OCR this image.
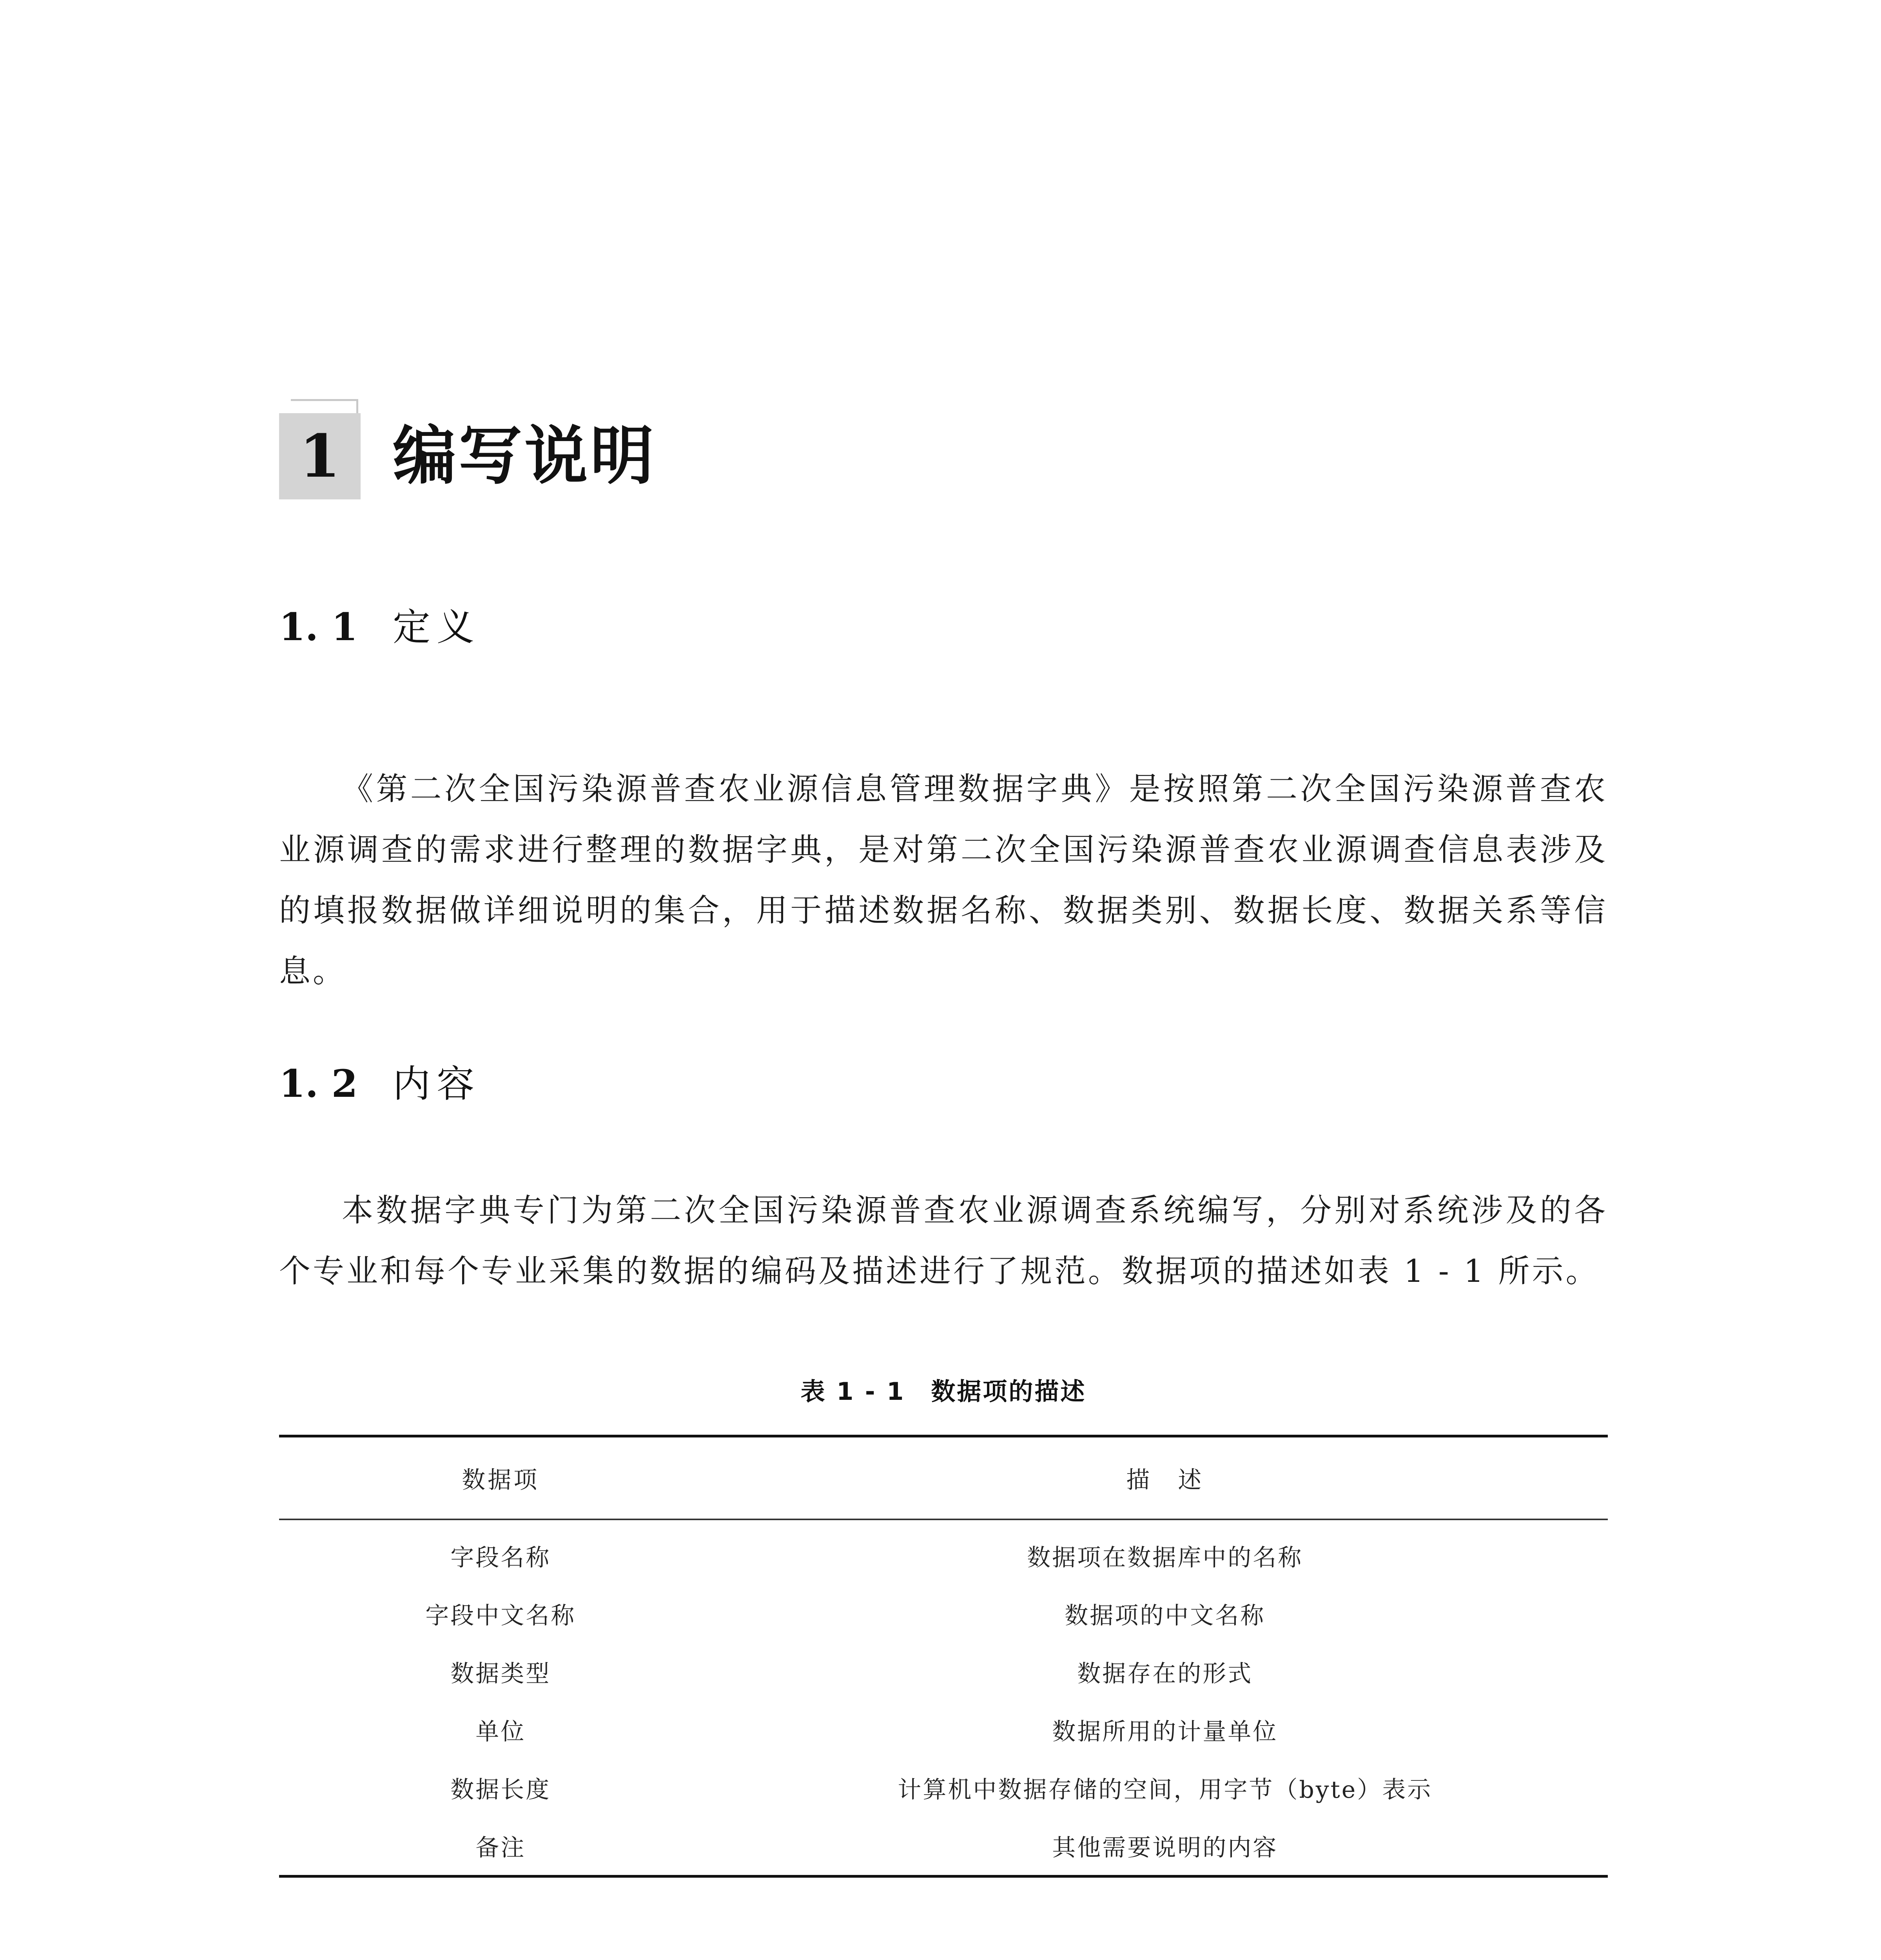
1 编写说明
1. 1 定义

《第二次全国污染源普查农业源信息管理数据字典》是按照第二次全国污染源普查农业源调查的需求进行整理的数据字典，是对第二次全国污染源普查农业源调查信息表涉及的填报数据做详细说明的集合，用于描述数据名称、数据类别、数据长度、数据关系等信息。

1. 2 内容

本数据字典专门为第二次全国污染源普查农业源调查系统编写，分别对系统涉及的各个专业和每个专业采集的数据的编码及描述进行了规范。数据项的描述如表 1 - 1 所示。

表 1 - 1　数据项的描述
数据项	描　述
字段名称	数据项在数据库中的名称
字段中文名称	数据项的中文名称
数据类型	数据存在的形式
单位	数据所用的计量单位
数据长度	计算机中数据存储的空间，用字节（byte）表示
备注	其他需要说明的内容
